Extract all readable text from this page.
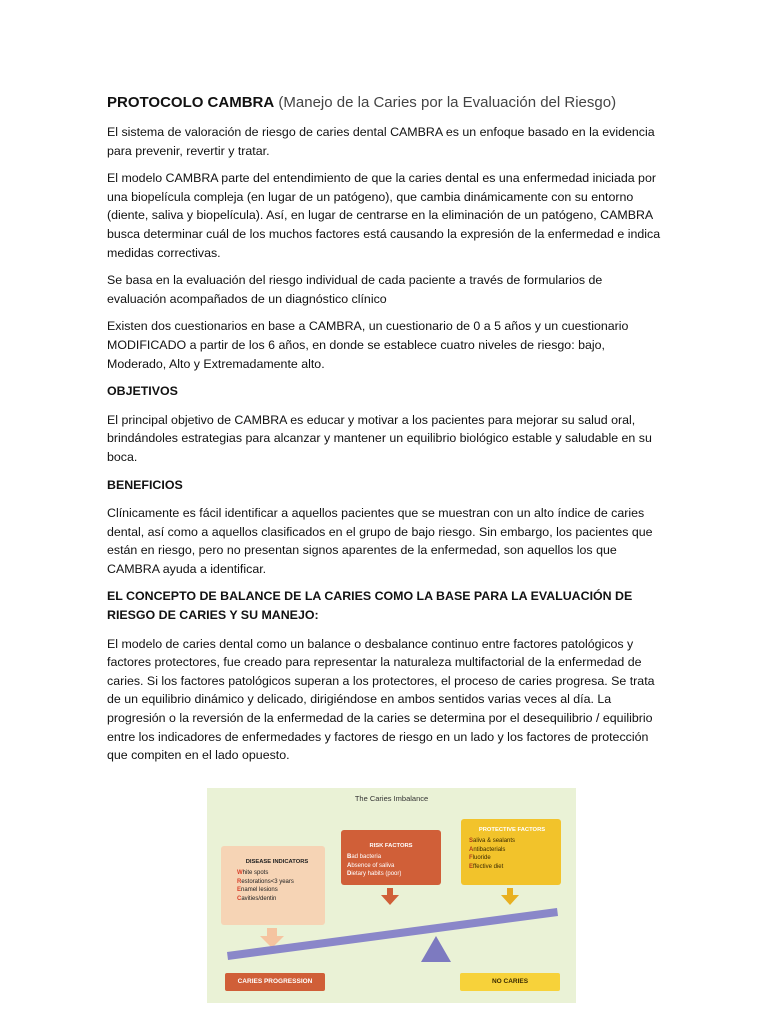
PROTOCOLO CAMBRA (Manejo de la Caries por la Evaluación del Riesgo)

El sistema de valoración de riesgo de caries dental CAMBRA es un enfoque basado en la evidencia para prevenir, revertir y tratar.

El modelo CAMBRA parte del entendimiento de que la caries dental es una enfermedad iniciada por una biopelícula compleja (en lugar de un patógeno), que cambia dinámicamente con su entorno (diente, saliva y biopelícula). Así, en lugar de centrarse en la eliminación de un patógeno, CAMBRA busca determinar cuál de los muchos factores está causando la expresión de la enfermedad e indica medidas correctivas.

Se basa en la evaluación del riesgo individual de cada paciente a través de formularios de evaluación acompañados de un diagnóstico clínico

Existen dos cuestionarios en base a CAMBRA, un cuestionario de 0 a 5 años y un cuestionario MODIFICADO a partir de los 6 años, en donde se establece cuatro niveles de riesgo: bajo, Moderado, Alto y Extremadamente alto.

OBJETIVOS

El principal objetivo de CAMBRA es educar y motivar a los pacientes para mejorar su salud oral, brindándoles estrategias para alcanzar y mantener un equilibrio biológico estable y saludable en su boca.

BENEFICIOS

Clínicamente es fácil identificar a aquellos pacientes que se muestran con un alto índice de caries dental, así como a aquellos clasificados en el grupo de bajo riesgo. Sin embargo, los pacientes que están en riesgo, pero no presentan signos aparentes de la enfermedad, son aquellos los que CAMBRA ayuda a identificar.

EL CONCEPTO DE BALANCE DE LA CARIES COMO LA BASE PARA LA EVALUACIÓN DE RIESGO DE CARIES Y SU MANEJO:

El modelo de caries dental como un balance o desbalance continuo entre factores patológicos y factores protectores, fue creado para representar la naturaleza multifactorial de la enfermedad de caries. Si los factores patológicos superan a los protectores, el proceso de caries progresa. Se trata de un equilibrio dinámico y delicado, dirigiéndose en ambos sentidos varias veces al día. La progresión o la reversión de la enfermedad de la caries se determina por el desequilibrio / equilibrio entre los indicadores de enfermedades y factores de riesgo en un lado y los factores de protección que compiten en el lado opuesto.

The Caries Imbalance
DISEASE INDICATORS
White spots
Restorations<3 years
Enamel lesions
Cavities/dentin
RISK FACTORS
Bad bacteria
Absence of saliva
Dietary habits (poor)
PROTECTIVE FACTORS
Saliva & sealants
Antibacterials
Fluoride
Effective diet
CARIES PROGRESSION	NO CARIES
